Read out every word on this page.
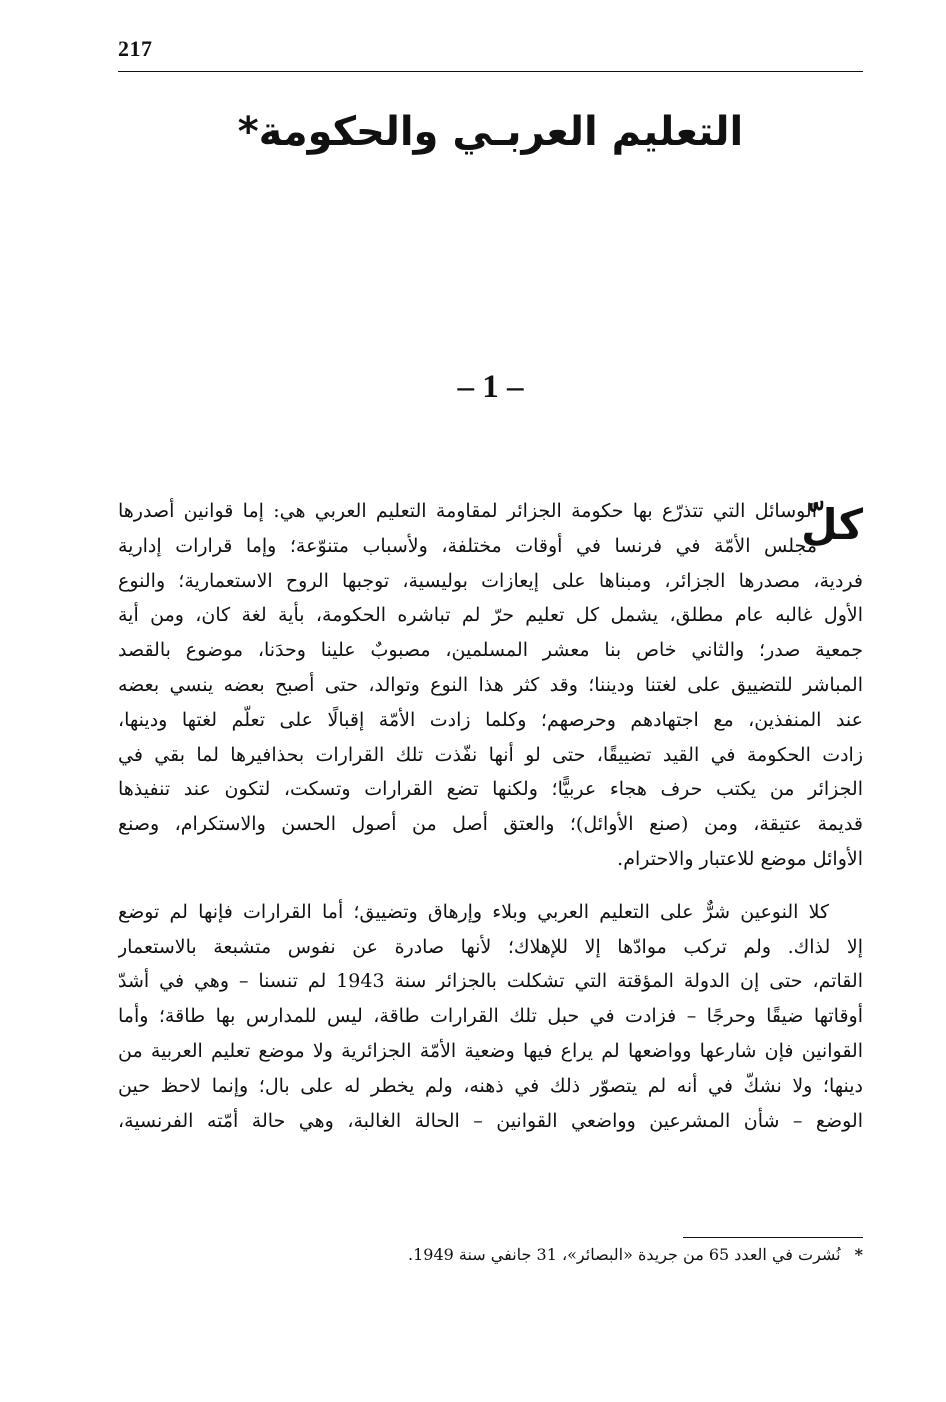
217
التعليم العربـي والحكومة*
– 1 –
كلّ
الوسائل التي تتذرّع بها حكومة الجزائر لمقاومة التعليم العربي هي: إما قوانين أصدرها
مجلس الأمّة في فرنسا في أوقات مختلفة، ولأسباب متنوّعة؛ وإما قرارات إدارية
فردية، مصدرها الجزائر، ومبناها على إيعازات بوليسية، توجبها الروح الاستعمارية؛ والنوع
الأول غالبه عام مطلق، يشمل كل تعليم حرّ لم تباشره الحكومة، بأية لغة كان، ومن أية
جمعية صدر؛ والثاني خاص بنا معشر المسلمين، مصبوبٌ علينا وحدَنا، موضوع بالقصد
المباشر للتضييق على لغتنا وديننا؛ وقد كثر هذا النوع وتوالد، حتى أصبح بعضه ينسي بعضه
عند المنفذين، مع اجتهادهم وحرصهم؛ وكلما زادت الأمّة إقبالًا على تعلّم لغتها ودينها،
زادت الحكومة في القيد تضييقًا، حتى لو أنها نفّذت تلك القرارات بحذافيرها لما بقي في
الجزائر من يكتب حرف هجاء عربيًّا؛ ولكنها تضع القرارات وتسكت، لتكون عند تنفيذها
قديمة عتيقة، ومن (صنع الأوائل)؛ والعتق أصل من أصول الحسن والاستكرام، وصنع
الأوائل موضع للاعتبار والاحترام.
كلا النوعين شرٌّ على التعليم العربي وبلاء وإرهاق وتضييق؛ أما القرارات فإنها لم توضع
إلا لذاك. ولم تركب موادّها إلا للإهلاك؛ لأنها صادرة عن نفوس متشبعة بالاستعمار
القاتم، حتى إن الدولة المؤقتة التي تشكلت بالجزائر سنة 1943 لم تنسنا – وهي في أشدّ
أوقاتها ضيقًا وحرجًا – فزادت في حبل تلك القرارات طاقة، ليس للمدارس بها طاقة؛ وأما
القوانين فإن شارعها وواضعها لم يراع فيها وضعية الأمّة الجزائرية ولا موضع تعليم العربية من
دينها؛ ولا نشكّ في أنه لم يتصوّر ذلك في ذهنه، ولم يخطر له على بال؛ وإنما لاحظ حين
الوضع – شأن المشرعين وواضعي القوانين – الحالة الغالبة، وهي حالة أمّته الفرنسية،
*نُشرت في العدد 65 من جريدة «البصائر»، 31 جانفي سنة 1949.
